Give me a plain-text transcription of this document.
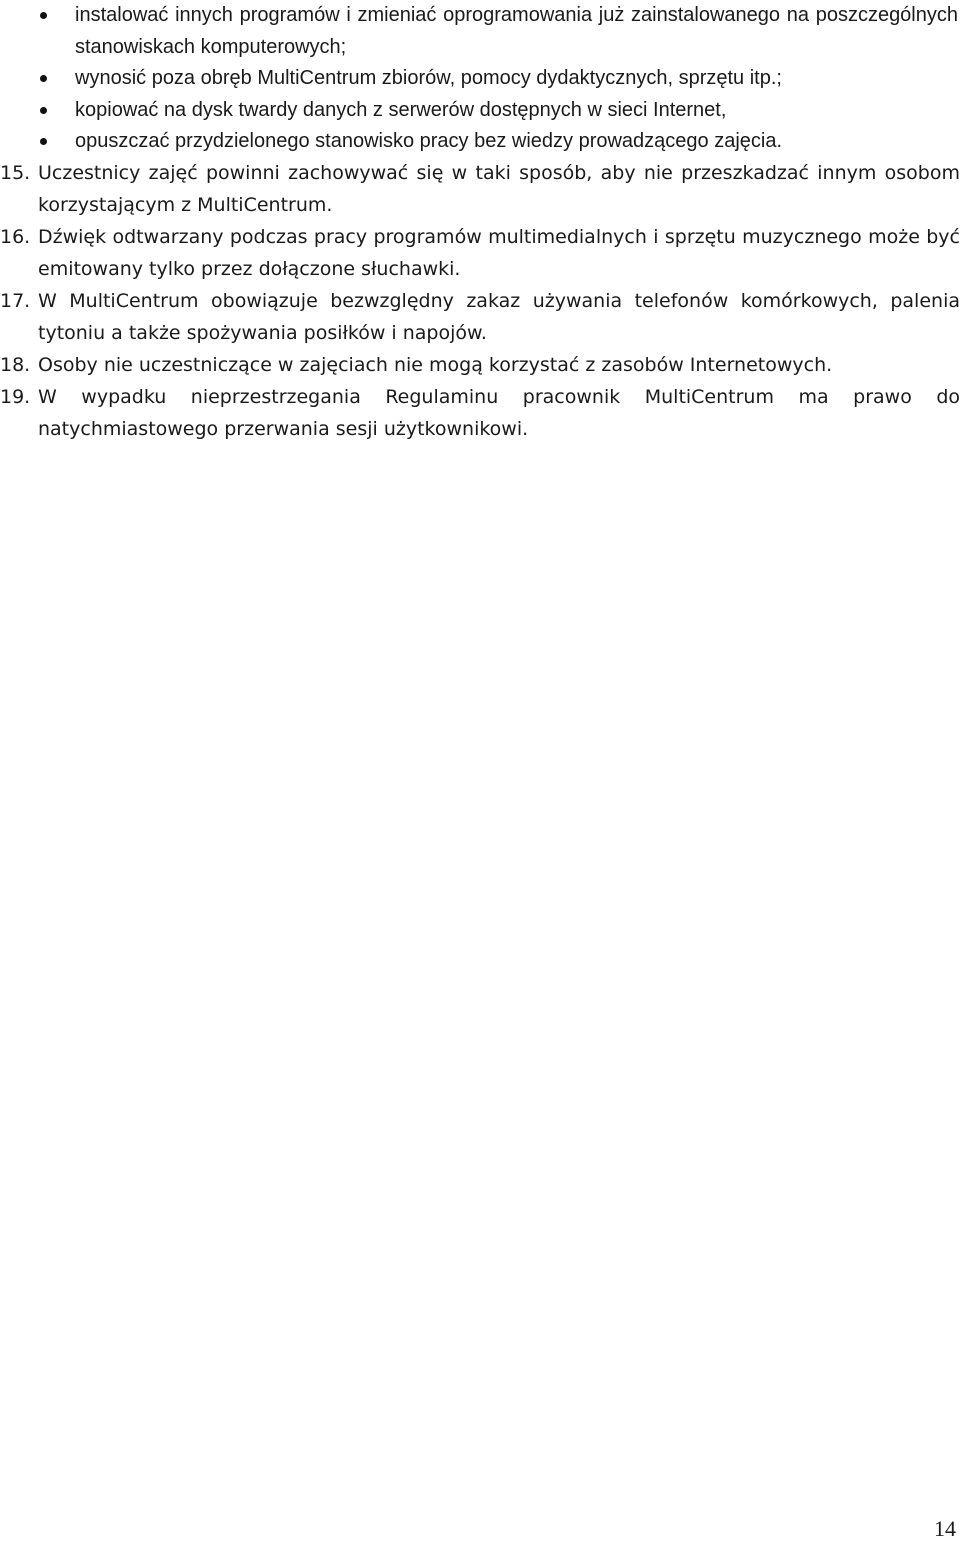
instalować innych programów i zmieniać oprogramowania już zainstalowanego na poszczególnych stanowiskach komputerowych;
wynosić poza obręb MultiCentrum zbiorów, pomocy dydaktycznych, sprzętu itp.;
kopiować na dysk twardy danych z serwerów dostępnych w sieci Internet,
opuszczać przydzielonego stanowisko pracy bez wiedzy prowadzącego zajęcia.
15. Uczestnicy zajęć powinni zachowywać się w taki sposób, aby nie przeszkadzać innym osobom korzystającym z MultiCentrum.
16. Dźwięk odtwarzany podczas pracy programów multimedialnych i sprzętu muzycznego może być emitowany tylko przez dołączone słuchawki.
17. W MultiCentrum obowiązuje bezwzględny zakaz używania telefonów komórkowych, palenia tytoniu a także spożywania posiłków i napojów.
18. Osoby nie uczestniczące w zajęciach nie mogą korzystać z zasobów Internetowych.
19. W wypadku nieprzestrzegania Regulaminu pracownik MultiCentrum ma prawo do natychmiastowego przerwania sesji użytkownikowi.
14
